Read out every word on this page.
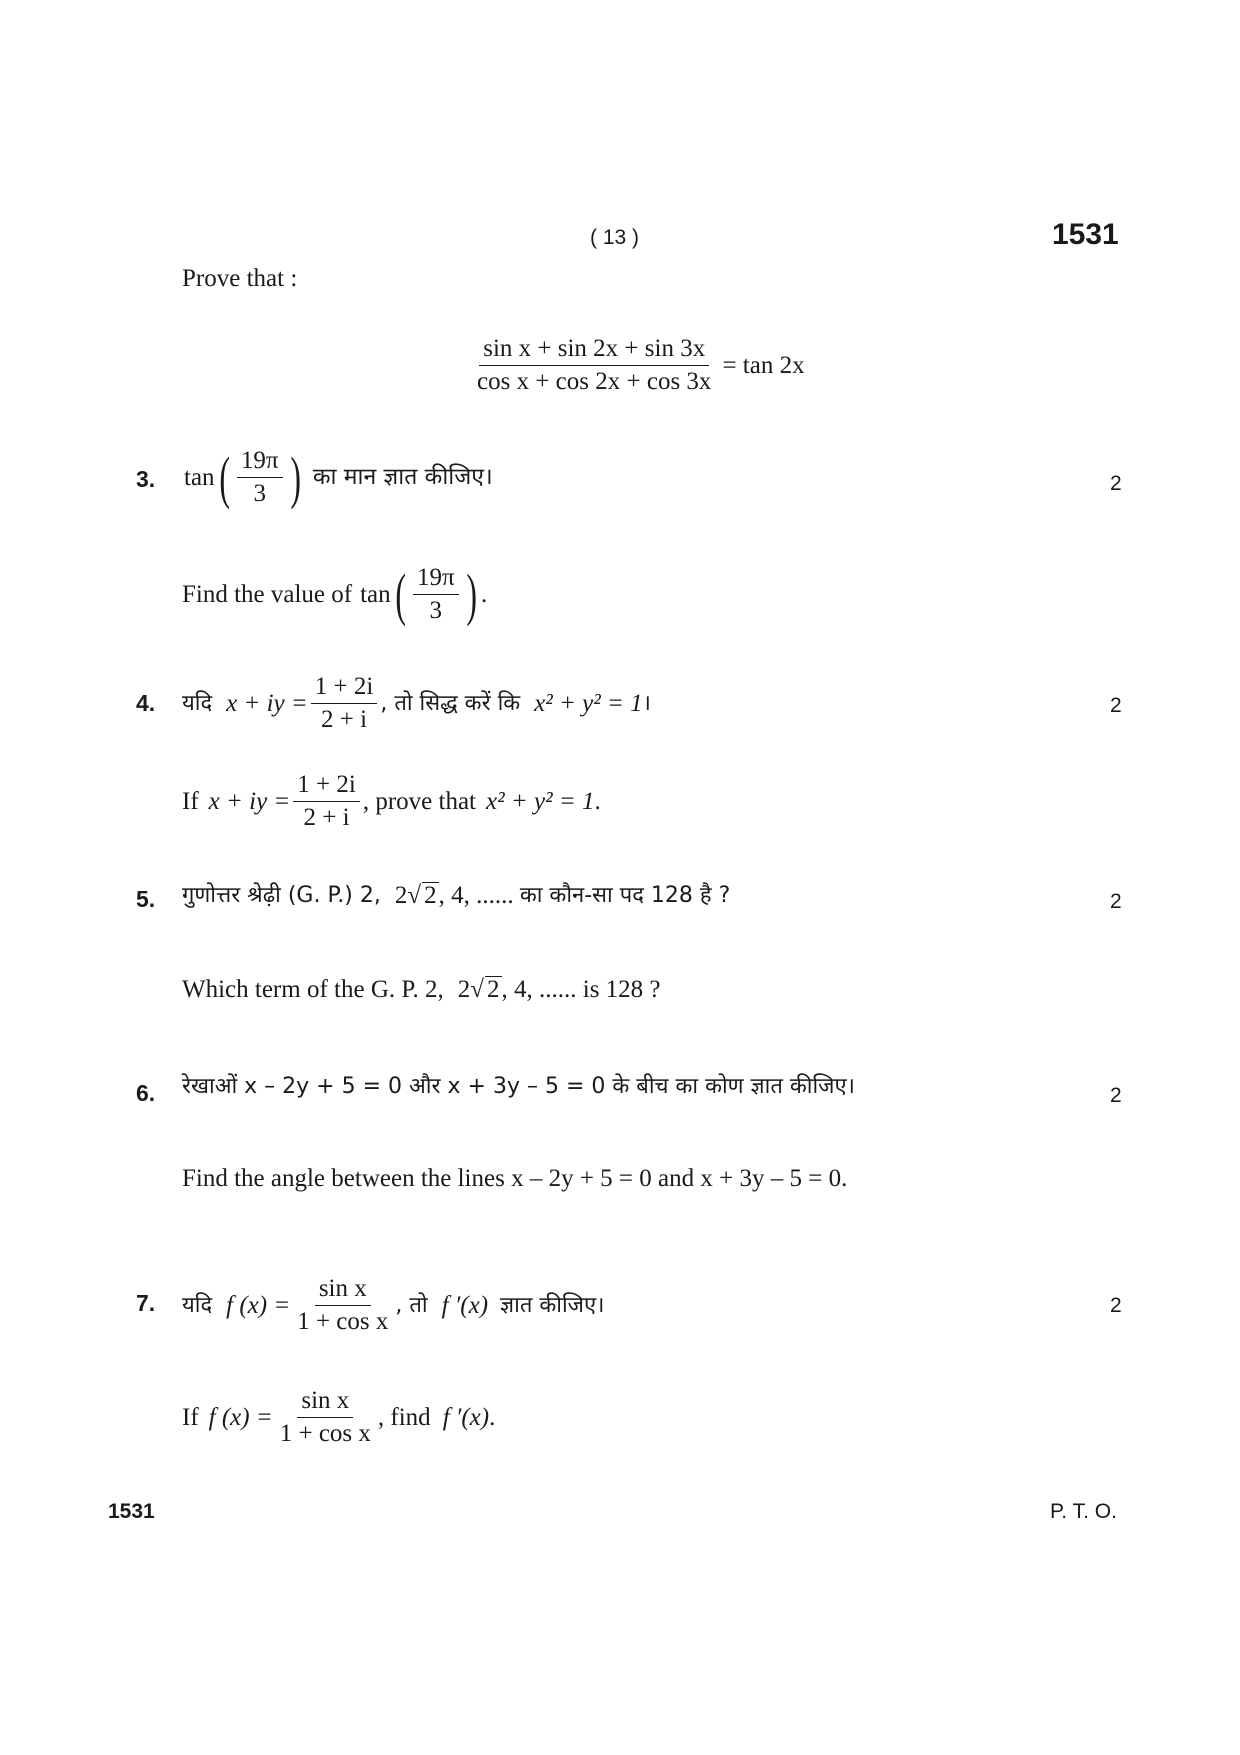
( 13 )	1531
Prove that :
$\frac{\text{sin x + sin 2x + sin 3x}}{\text{cos x + cos 2x + cos 3x}} = \tan 2x$
3. tan ( $\frac{19\pi}{3}$ ) का मान ज्ञात कीजिए।	2
Find the value of tan ( $\frac{19\pi}{3}$ ) .
4. यदि x + iy = $\frac{1 + 2i}{2 + i}$ , तो सिद्ध करें कि x² + y² = 1 ।	2
If x + iy = $\frac{1 + 2i}{2 + i}$ , prove that x² + y² = 1 .
5. गुणोत्तर श्रेढ़ी (G. P.) 2, 2√ 2 , 4, ...... का कौन-सा पद 128 है ?	2
Which term of the G. P. 2, 2√ 2 , 4, ...... is 128 ?
6. रेखाओं x – 2y + 5 = 0 और x + 3y – 5 = 0 के बीच का कोण ज्ञात कीजिए।	2
Find the angle between the lines x – 2y + 5 = 0 and x + 3y – 5 = 0.
7. यदि f $(x) = \frac{\text{sin x}}{\text{1 + cos x}}$ , तो f ′(x) ज्ञात कीजिए।	2
If f $(x) = \frac{\text{sin x}}{\text{1 + cos x}}$ , find f ′(x) .
1531	P. T. O.
